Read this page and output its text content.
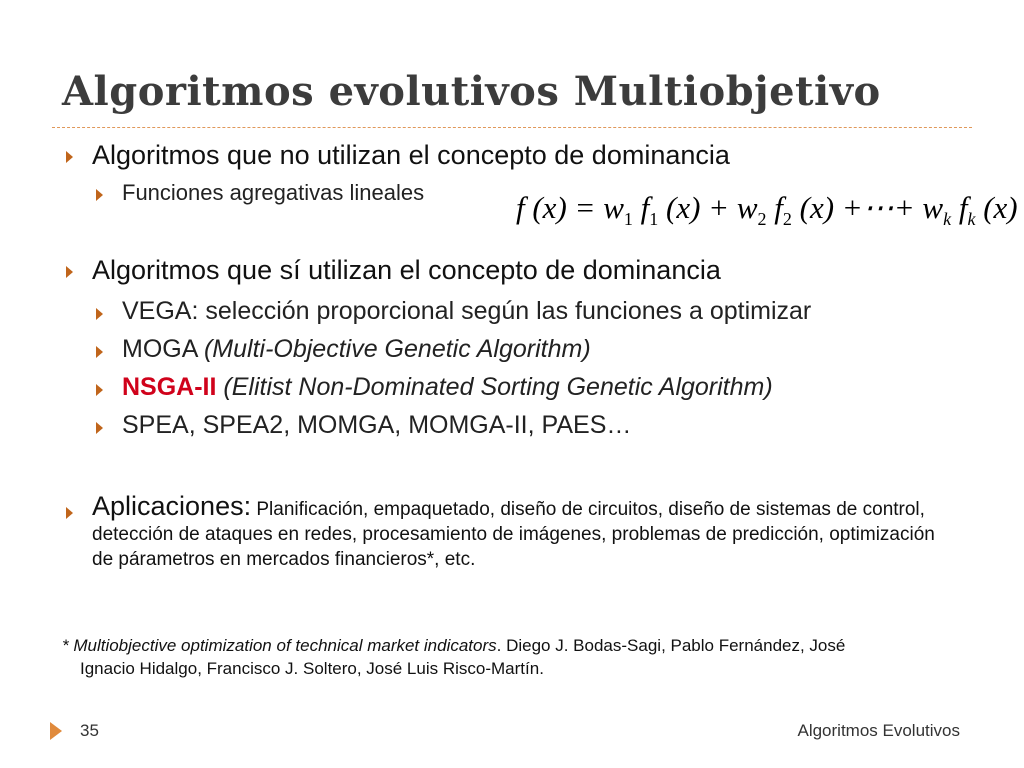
Algoritmos evolutivos Multiobjetivo
Algoritmos que no utilizan el concepto de dominancia
Funciones agregativas lineales	f $(x) = w_1$ $f_1$ $(x) + w_2$ $f_2$ (x) +⋯+ $w_k$ $f_k$ (x)
Algoritmos que sí utilizan el concepto de dominancia
VEGA: selección proporcional según las funciones a optimizar
MOGA (Multi-Objective Genetic Algorithm)
NSGA-II (Elitist Non-Dominated Sorting Genetic Algorithm)
SPEA, SPEA2, MOMGA, MOMGA-II, PAES…
Aplicaciones: Planificación, empaquetado, diseño de circuitos, diseño de sistemas de control, detección de ataques en redes, procesamiento de imágenes, problemas de predicción, optimización de párametros en mercados financieros*, etc.
* Multiobjective optimization of technical market indicators. Diego J. Bodas-Sagi, Pablo Fernández, José
Ignacio Hidalgo, Francisco J. Soltero, José Luis Risco-Martín.
35	Algoritmos Evolutivos
